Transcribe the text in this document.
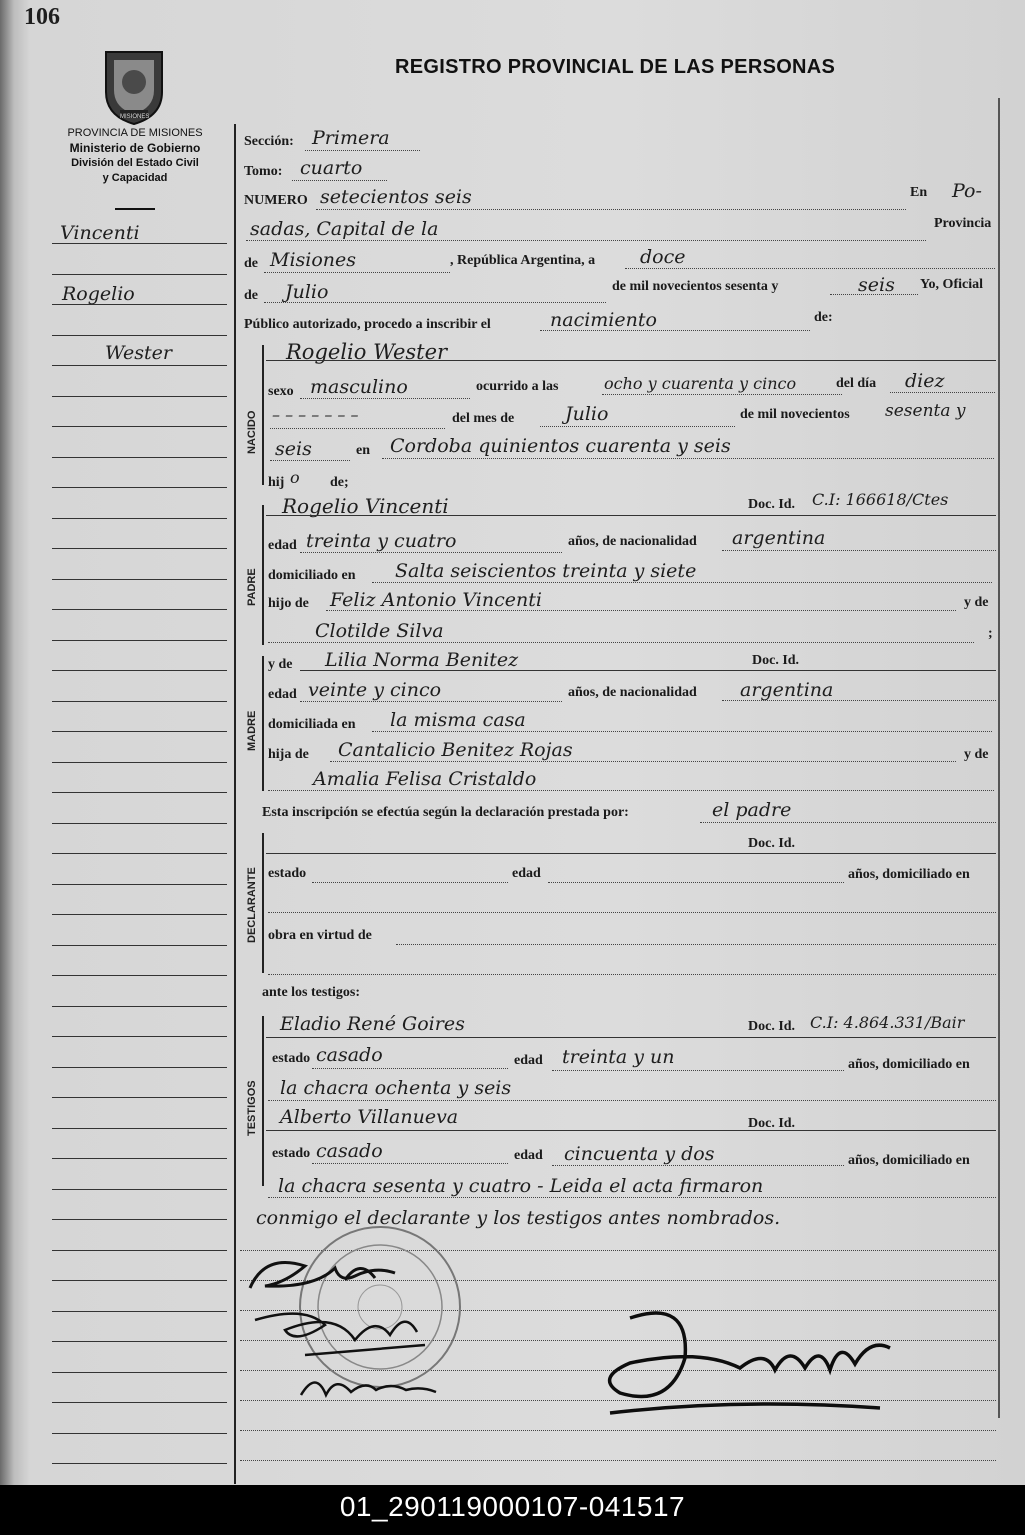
106
MISIONES
REGISTRO PROVINCIAL DE LAS PERSONAS
PROVINCIA DE MISIONES
Ministerio de Gobierno
División del Estado Civil
y Capacidad
Vincenti
Rogelio
Wester
Sección: Primera
Tomo: cuarto
NUMERO setecientos seis	En Po-
sadas, Capital de la	Provincia
de Misiones	, República Argentina, a doce
de Julio	de mil novecientos sesenta y	seis Yo, Oficial
Público autorizado, procedo a inscribir el	nacimiento	de:
NACIDO
PADRE
MADRE
DECLARANTE
TESTIGOS
Rogelio Wester
sexo masculino	ocurrido a las	ocho y cuarenta y cinco	del día diez
– – – – – – –	del mes de	Julio	de mil novecientos sesenta y
seis	en Cordoba quinientos cuarenta y seis
hij o de;
Rogelio Vincenti	Doc. Id. C.I: 166618/Ctes
edad treinta y cuatro	años, de nacionalidad argentina
domiciliado en Salta seiscientos treinta y siete
hijo de Feliz Antonio Vincenti	y de
Clotilde Silva	;
y de Lilia Norma Benitez	Doc. Id.
edad veinte y cinco	años, de nacionalidad argentina
domiciliada en la misma casa
hija de Cantalicio Benitez Rojas	y de
Amalia Felisa Cristaldo
Esta inscripción se efectúa según la declaración prestada por:	el padre
Doc. Id.
estado	edad	años, domiciliado en
obra en virtud de
ante los testigos:
Eladio René Goires	Doc. Id. C.I: 4.864.331/Bair
estado casado	edad treinta y un	años, domiciliado en
la chacra ochenta y seis
Alberto Villanueva	Doc. Id.
estado casado	edad cincuenta y dos	años, domiciliado en
la chacra sesenta y cuatro - Leida el acta firmaron
conmigo el declarante y los testigos antes nombrados.
01_290119000107-041517
